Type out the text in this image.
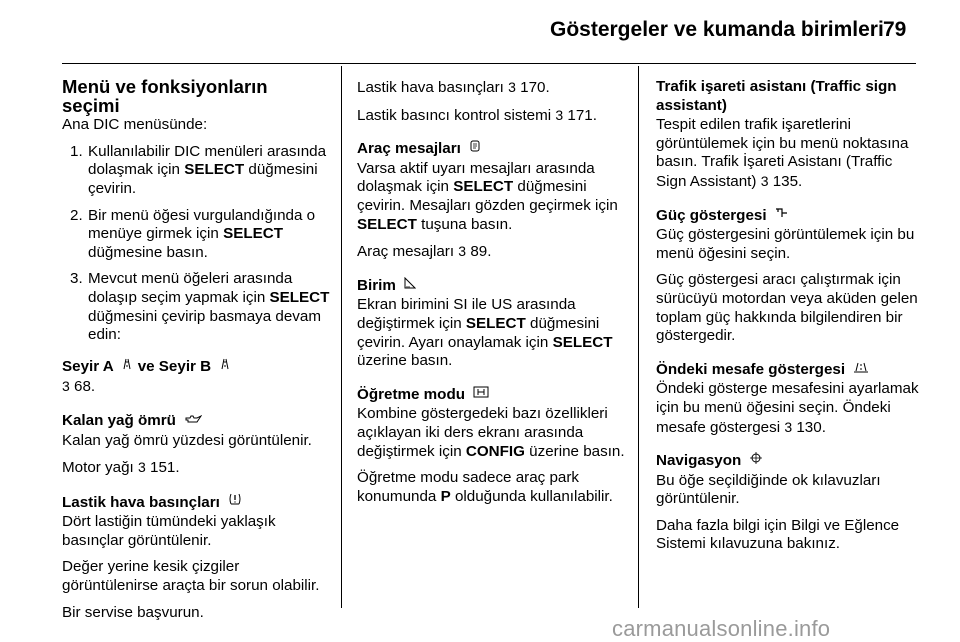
Göstergeler ve kumanda birimleri 79
Menü ve fonksiyonların seçimi

Ana DIC menüsünde:

1. Kullanılabilir DIC menüleri arasında dolaşmak için SELECT düğmesini çevirin.
2. Bir menü öğesi vurgulandığında o menüye girmek için SELECT düğmesine basın.
3. Mevcut menü öğeleri arasında dolaşıp seçim yapmak için SELECT düğmesini çevirip basmaya devam edin:
Seyir A ve Seyir B

3 68.

Kalan yağ ömrü

Kalan yağ ömrü yüzdesi görüntülenir.

Motor yağı 3 151.

Lastik hava basınçları

Dört lastiğin tümündeki yaklaşık basınçlar görüntülenir.

Değer yerine kesik çizgiler görüntülenirse araçta bir sorun olabilir.

Bir servise başvurun.

Lastik hava basınçları 3 170.

Lastik basıncı kontrol sistemi 3 171.

Araç mesajları

Varsa aktif uyarı mesajları arasında dolaşmak için SELECT düğmesini çevirin. Mesajları gözden geçirmek için SELECT tuşuna basın.

Araç mesajları 3 89.

Birim

Ekran birimini SI ile US arasında değiştirmek için SELECT düğmesini çevirin. Ayarı onaylamak için SELECT üzerine basın.

Öğretme modu

Kombine göstergedeki bazı özellikleri açıklayan iki ders ekranı arasında değiştirmek için CONFIG üzerine basın.

Öğretme modu sadece araç park konumunda P olduğunda kullanılabilir.

Trafik işareti asistanı (Traffic sign assistant)

Tespit edilen trafik işaretlerini görüntülemek için bu menü noktasına basın. Trafik İşareti Asistanı (Traffic Sign Assistant) 3 135.

Güç göstergesi

Güç göstergesini görüntülemek için bu menü öğesini seçin.

Güç göstergesi aracı çalıştırmak için sürücüyü motordan veya aküden gelen toplam güç hakkında bilgilendiren bir göstergedir.

Öndeki mesafe göstergesi

Öndeki gösterge mesafesini ayarlamak için bu menü öğesini seçin. Öndeki mesafe göstergesi 3 130.

Navigasyon

Bu öğe seçildiğinde ok kılavuzları görüntülenir.

Daha fazla bilgi için Bilgi ve Eğlence Sistemi kılavuzuna bakınız.

carmanualsonline.info
